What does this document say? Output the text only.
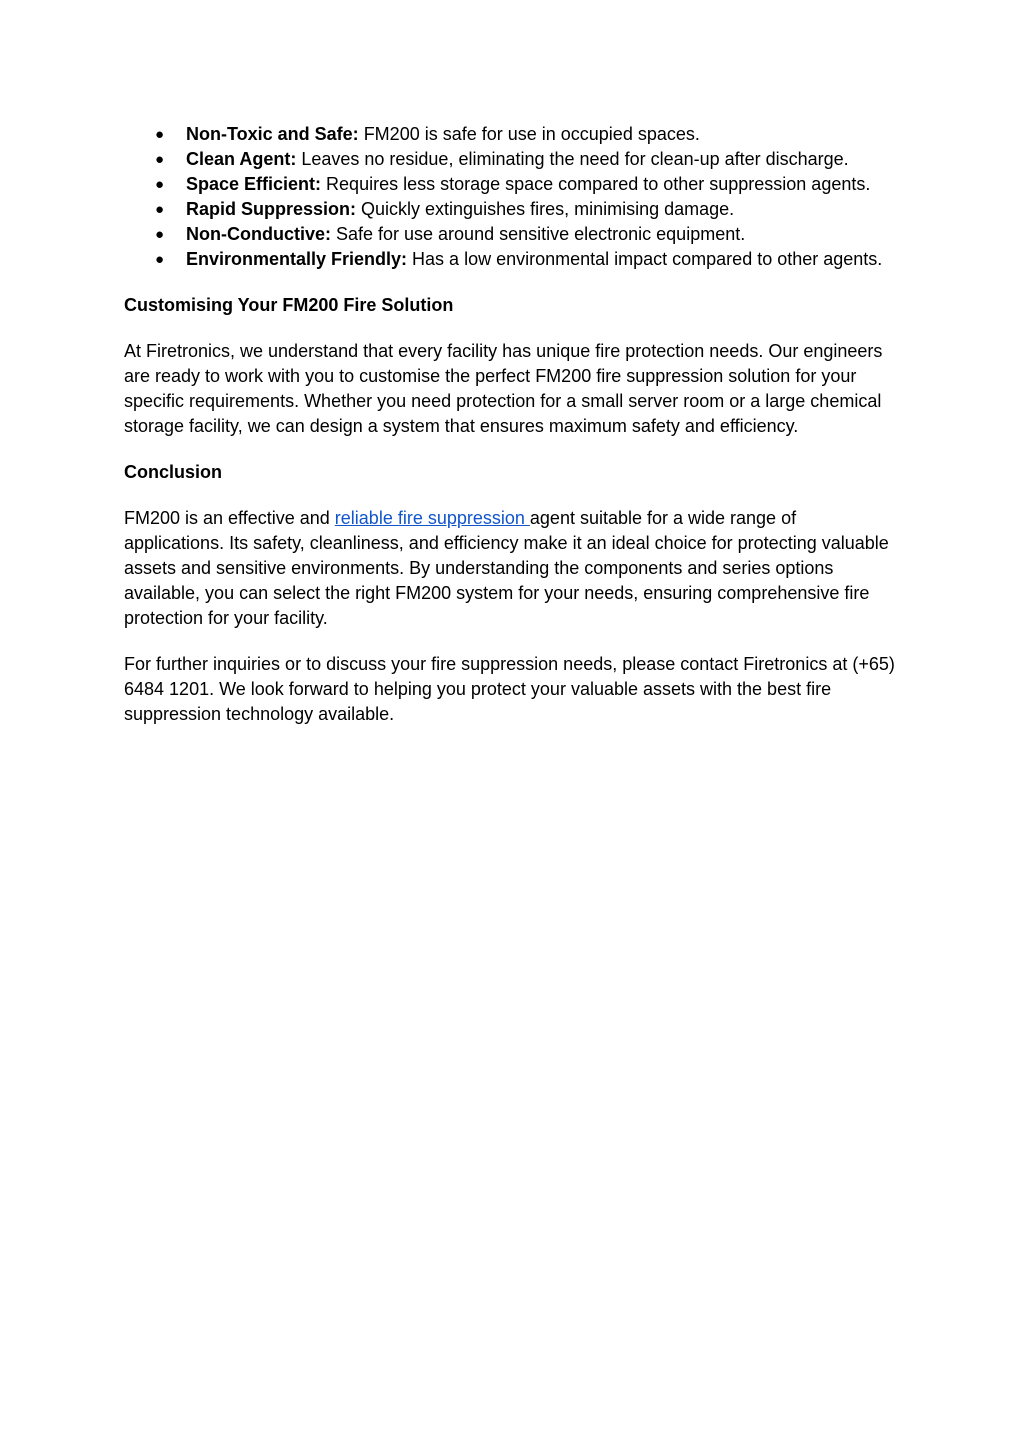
● Non-Toxic and Safe: FM200 is safe for use in occupied spaces.
● Clean Agent: Leaves no residue, eliminating the need for clean-up after discharge.
● Space Efficient: Requires less storage space compared to other suppression agents.
● Rapid Suppression: Quickly extinguishes fires, minimising damage.
● Non-Conductive: Safe for use around sensitive electronic equipment.
● Environmentally Friendly: Has a low environmental impact compared to other agents.
Customising Your FM200 Fire Solution

At Firetronics, we understand that every facility has unique fire protection needs. Our engineers are ready to work with you to customise the perfect FM200 fire suppression solution for your specific requirements. Whether you need protection for a small server room or a large chemical storage facility, we can design a system that ensures maximum safety and efficiency.

Conclusion

FM200 is an effective and reliable fire suppression agent suitable for a wide range of applications. Its safety, cleanliness, and efficiency make it an ideal choice for protecting valuable assets and sensitive environments. By understanding the components and series options available, you can select the right FM200 system for your needs, ensuring comprehensive fire protection for your facility.

For further inquiries or to discuss your fire suppression needs, please contact Firetronics at (+65) 6484 1201. We look forward to helping you protect your valuable assets with the best fire suppression technology available.
